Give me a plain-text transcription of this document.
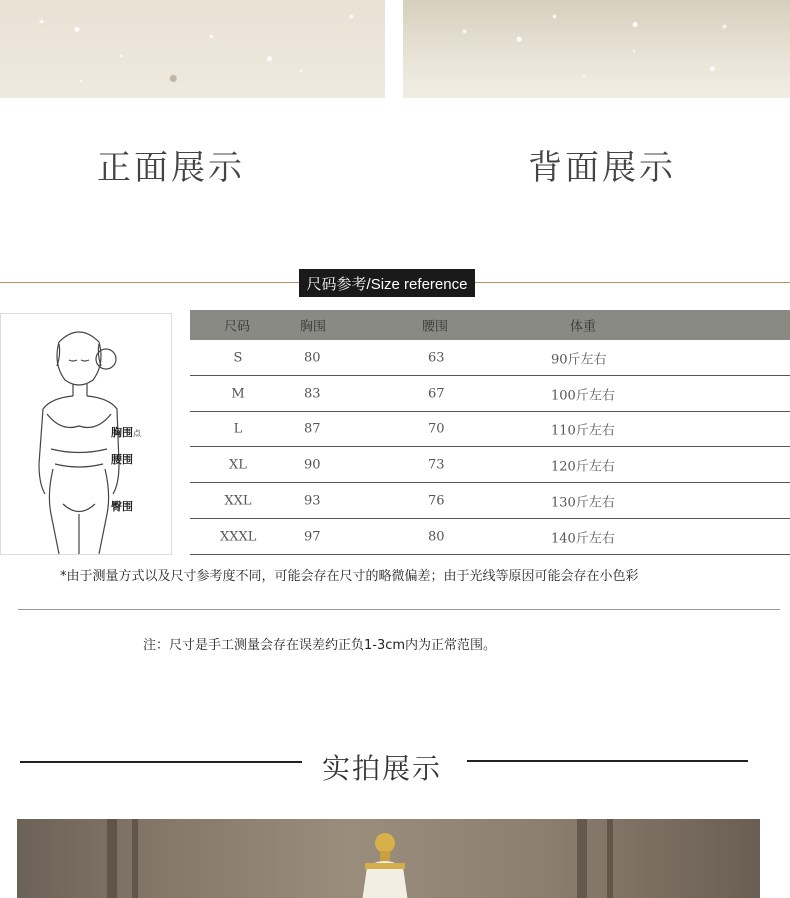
正面展示	背面展示
尺码参考/Size reference
胸围点
腰围
臀围
尺码	胸围	腰围	体重
S	80	63	90斤左右
M	83	67	100斤左右
L	87	70	110斤左右
XL	90	73	120斤左右
XXL	93	76	130斤左右
XXXL	97	80	140斤左右
*由于测量方式以及尺寸参考度不同，可能会存在尺寸的略微偏差；由于光线等原因可能会存在小色彩
注：尺寸是手工测量会存在误差约正负1-3cm内为正常范围。
实拍展示
